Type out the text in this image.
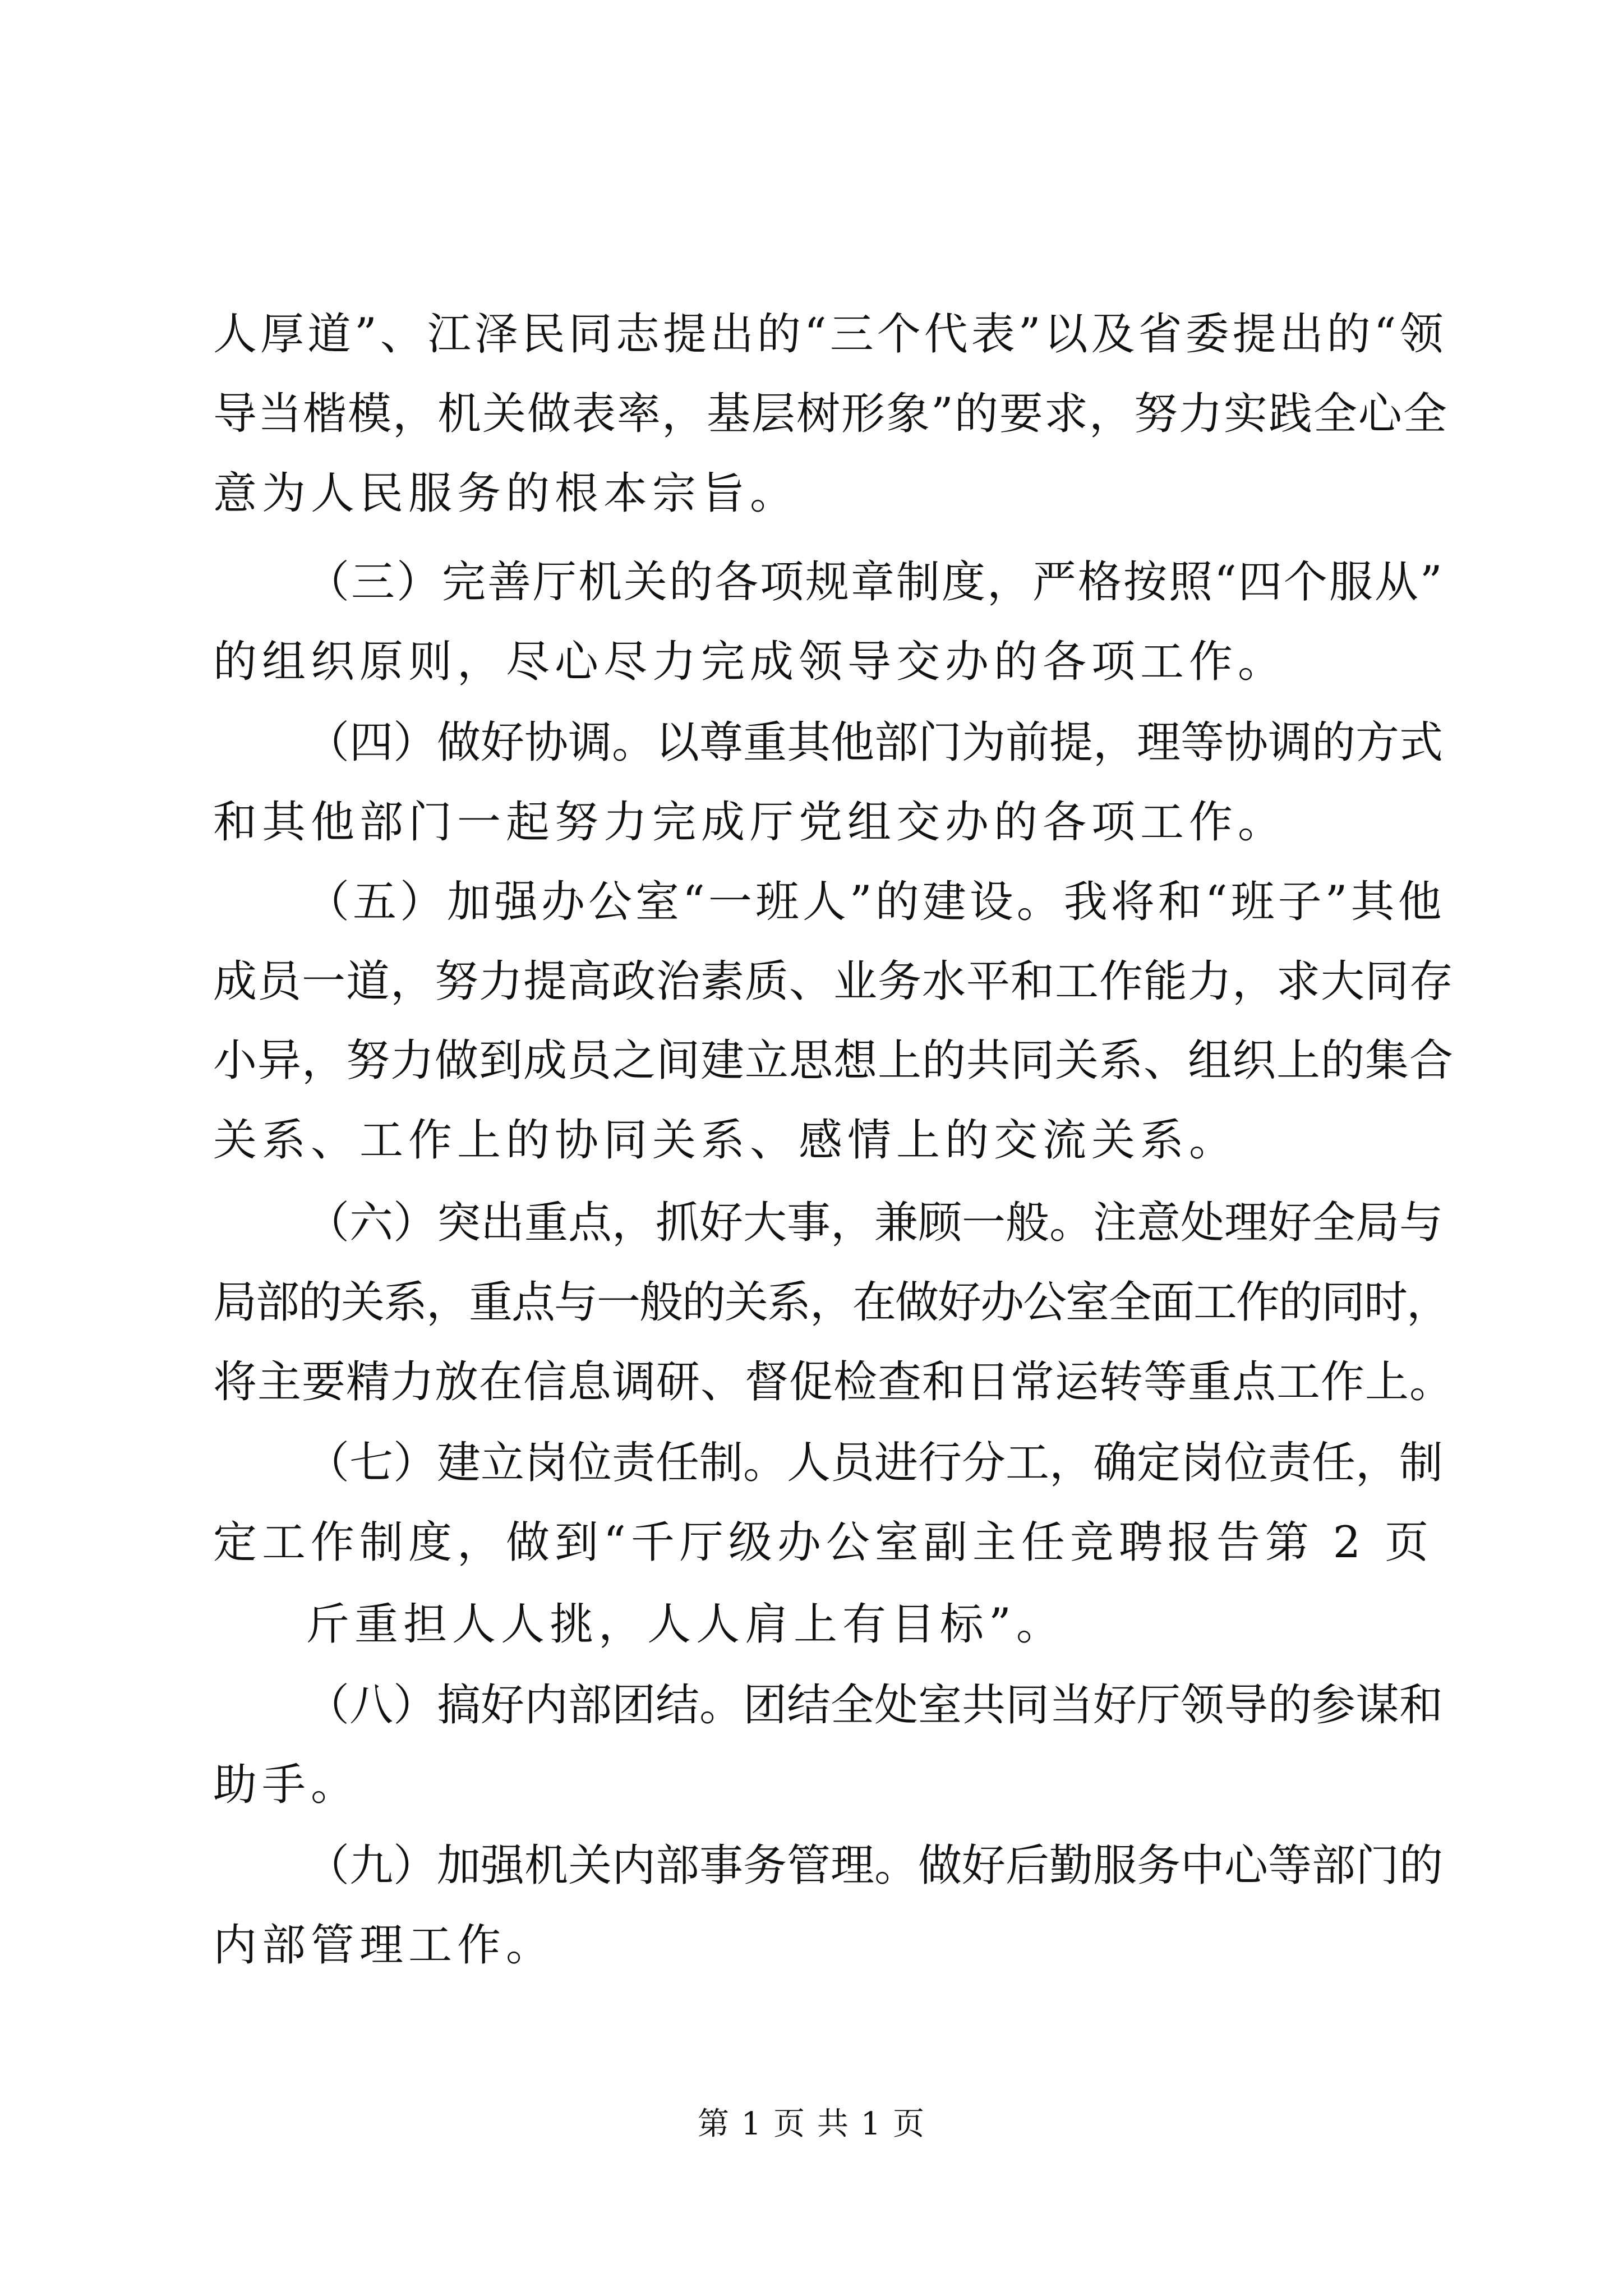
人厚道”、江泽民同志提出的“三个代表”以及省委提出的“领
导当楷模，机关做表率，基层树形象”的要求，努力实践全心全
意为人民服务的根本宗旨。
（三）完善厅机关的各项规章制度，严格按照“四个服从”
的组织原则，尽心尽力完成领导交办的各项工作。
（四）做好协调。以尊重其他部门为前提，理等协调的方式
和其他部门一起努力完成厅党组交办的各项工作。
（五）加强办公室“一班人”的建设。我将和“班子”其他
成员一道，努力提高政治素质、业务水平和工作能力，求大同存
小异，努力做到成员之间建立思想上的共同关系、组织上的集合
关系、工作上的协同关系、感情上的交流关系。
（六）突出重点，抓好大事，兼顾一般。注意处理好全局与
局部的关系，重点与一般的关系，在做好办公室全面工作的同时，
将主要精力放在信息调研、督促检查和日常运转等重点工作上。
（七）建立岗位责任制。人员进行分工，确定岗位责任，制
定工作制度，做到“千厅级办公室副主任竞聘报告第 2 页
斤重担人人挑，人人肩上有目标”。
（八）搞好内部团结。团结全处室共同当好厅领导的参谋和
助手。
（九）加强机关内部事务管理。做好后勤服务中心等部门的
内部管理工作。
第 1 页 共 1 页
